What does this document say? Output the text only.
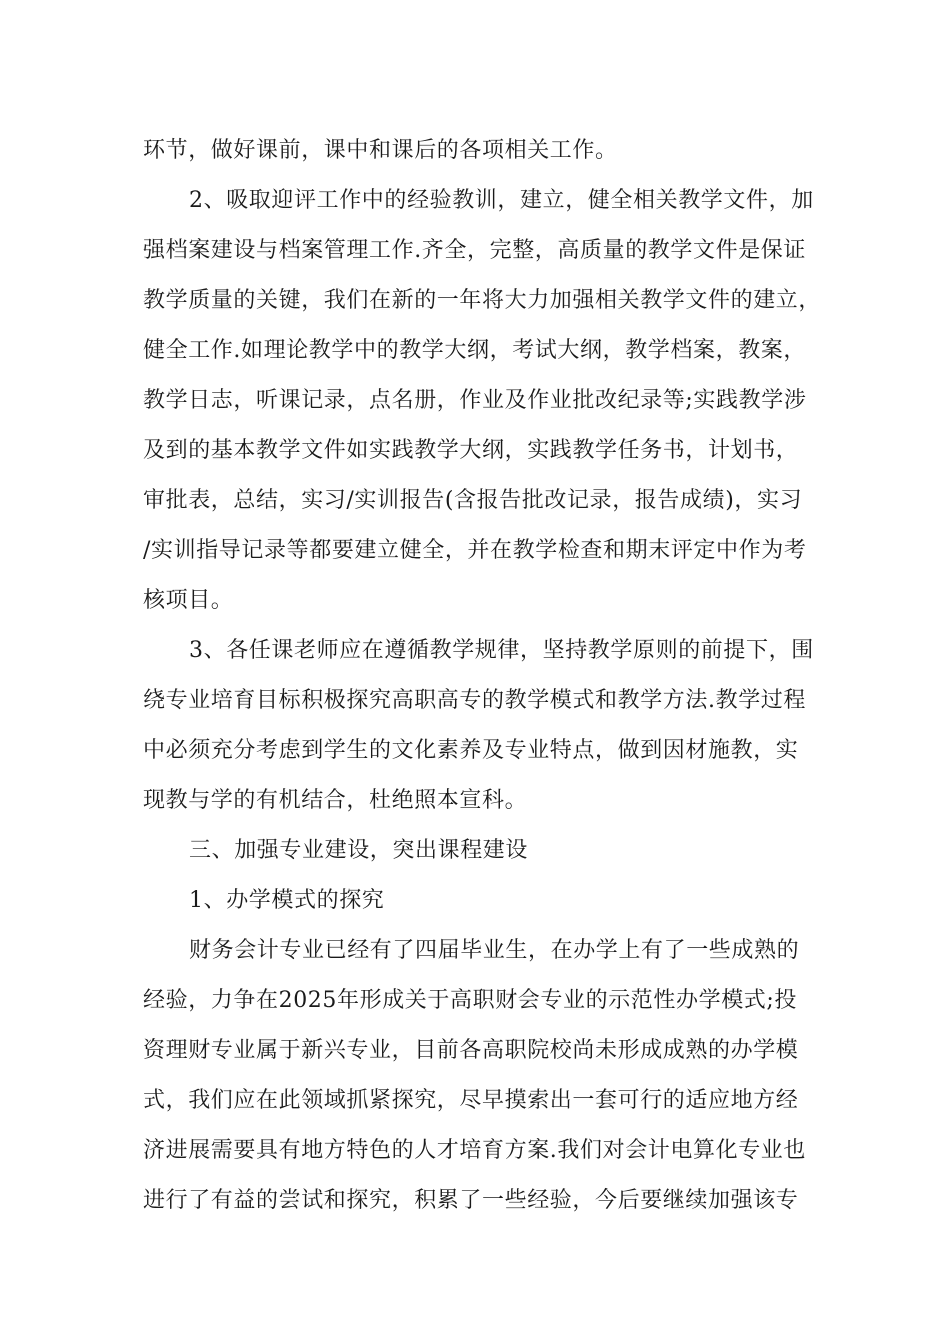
环节，做好课前，课中和课后的各项相关工作。
2、吸取迎评工作中的经验教训，建立，健全相关教学文件，加
强档案建设与档案管理工作.齐全，完整，高质量的教学文件是保证
教学质量的关键，我们在新的一年将大力加强相关教学文件的建立，
健全工作.如理论教学中的教学大纲，考试大纲，教学档案，教案，
教学日志，听课记录，点名册，作业及作业批改纪录等;实践教学涉
及到的基本教学文件如实践教学大纲，实践教学任务书，计划书，
审批表，总结，实习/实训报告(含报告批改记录，报告成绩)，实习
/实训指导记录等都要建立健全，并在教学检查和期末评定中作为考
核项目。
3、各任课老师应在遵循教学规律，坚持教学原则的前提下，围
绕专业培育目标积极探究高职高专的教学模式和教学方法.教学过程
中必须充分考虑到学生的文化素养及专业特点，做到因材施教，实
现教与学的有机结合，杜绝照本宣科。
三、加强专业建设，突出课程建设
1、办学模式的探究
财务会计专业已经有了四届毕业生，在办学上有了一些成熟的
经验，力争在2025年形成关于高职财会专业的示范性办学模式;投
资理财专业属于新兴专业，目前各高职院校尚未形成成熟的办学模
式，我们应在此领域抓紧探究，尽早摸索出一套可行的适应地方经
济进展需要具有地方特色的人才培育方案.我们对会计电算化专业也
进行了有益的尝试和探究，积累了一些经验，今后要继续加强该专
